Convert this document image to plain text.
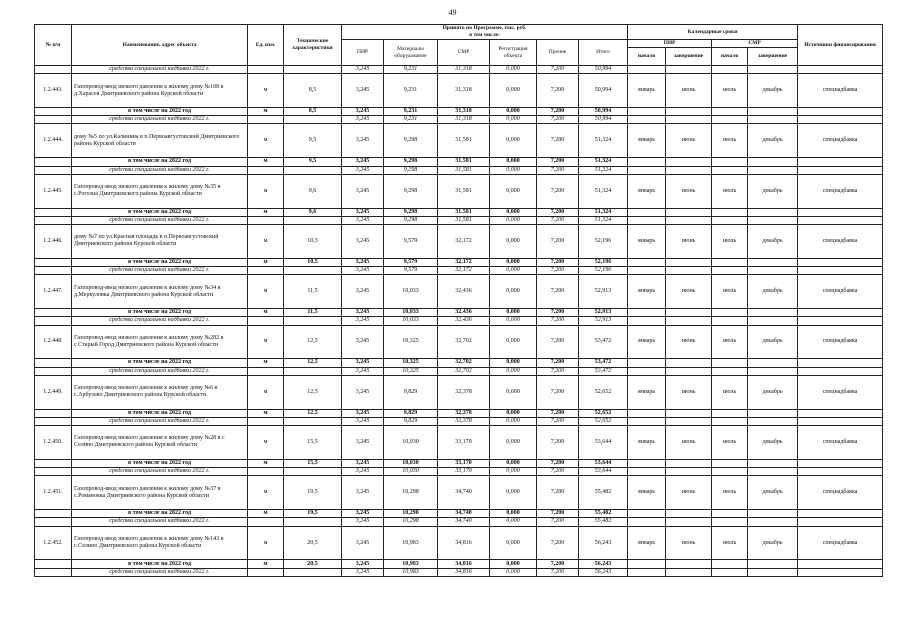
49
№ п/п	Наименование, адрес объекта	Ед. изм.	Технические характеристики	Принято по Программе, тыс. руб.
в том числе:						Календарные сроки				Источники финансирования
				ПИР	Материалы оборудование	СМР	Регистрация объекта	Прочие	Итого	ПИР		СМР		
										начало	завершение	начало	завершение	
	средства специальной надбавки 2022 г.			3,245	9,231	31,318	0,000	7,200	50,994					
1.2.443.	Газопровод-ввод низкого давления к жилому дому №108 в д.Харасея Дмитриевского района Курской области	м	8,5	3,245	9,231	31,318	0,000	7,200	50,994	январь	июнь	июль	декабрь	спецнадбавка
	в том числе на 2022 год	м	8,5	3,245	9,231	31,318	0,000	7,200	50,994					
	средства специальной надбавки 2022 г.			3,245	9,231	31,318	0,000	7,200	50,994					
1.2.444.	дому №5 по ул.Калинина в п.Первоавгустовский Дмитриевского района Курской области	м	9,5	3,245	9,298	31,581	0,000	7,200	51,324	январь	июнь	июль	декабрь	спецнадбавка
	в том числе на 2022 год	м	9,5	3,245	9,298	31,581	0,000	7,200	51,324					
	средства специальной надбавки 2022 г.			3,245	9,298	31,581	0,000	7,200	51,324					
1.2.445.	Газопровод-ввод низкого давления к жилому дому №35 в с.Рогозна Дмитриевского района Курской области	м	9,6	3,245	9,298	31,581	0,000	7,200	51,324	январь	июнь	июль	декабрь	спецнадбавка
	в том числе на 2022 год	м	9,6	3,245	9,298	31,581	0,000	7,200	51,324					
	средства специальной надбавки 2022 г.			3,245	9,298	31,581	0,000	7,200	51,324					
1.2.446.	дому №7 по ул.Красная площадь в п.Первоавгустовский Дмитриевского района Курской области	м	10,5	3,245	9,579	32,172	0,000	7,200	52,196	январь	июнь	июль	декабрь	спецнадбавка
	в том числе на 2022 год	м	10,5	3,245	9,579	32,172	0,000	7,200	52,196					
	средства специальной надбавки 2022 г.			3,245	9,579	32,172	0,000	7,200	52,196					
1.2.447.	Газопровод-ввод низкого давления к жилому дому №34 в д.Меркуловка Дмитриевского района Курской области	м	11,5	3,245	10,033	32,436	0,000	7,200	52,913	январь	июнь	июль	декабрь	спецнадбавка
	в том числе на 2022 год	м	11,5	3,245	10,033	32,436	0,000	7,200	52,913					
	средства специальной надбавки 2022 г.			3,245	10,033	32,436	0,000	7,200	52,913					
1.2.448.	Газопровод-ввод низкого давления к жилому дому №282 в с.Старый Город Дмитриевского района Курской области	м	12,5	3,245	10,325	32,702	0,000	7,200	53,472	январь	июнь	июль	декабрь	спецнадбавка
	в том числе на 2022 год	м	12,5	3,245	10,325	32,702	0,000	7,200	53,472					
	средства специальной надбавки 2022 г.			3,245	10,325	32,702	0,000	7,200	53,472					
1.2.449.	Газопровод-ввод низкого давления к жилому дому №6 в с.Арбузово Дмитриевского района Курской области.	м	12,5	3,245	9,829	32,378	0,000	7,200	52,652	январь	июнь	июль	декабрь	спецнадбавка
	в том числе на 2022 год	м	12,5	3,245	9,829	32,378	0,000	7,200	52,652					
	средства специальной надбавки 2022 г.			3,245	9,829	32,378	0,000	7,200	52,652					
1.2.450.	Газопровод-ввод низкого давления к жилому дому №28 в с Селино Дмитриевского района Курской области	м	15,5	3,245	10,030	33,170	0,000	7,200	53,644	январь	июнь	июль	декабрь	спецнадбавка
	в том числе на 2022 год	м	15,5	3,245	10,030	33,170	0,000	7,200	53,644					
	средства специальной надбавки 2022 г.			3,245	10,030	33,170	0,000	7,200	53,644					
1.2.451.	Газопровод-ввод низкого давления к жилому дому №37 в с.Романовка Дмитриевского района Курской области	м	19,5	3,245	10,298	34,740	0,000	7,200	55,482	январь	июнь	июль	декабрь	спецнадбавка
	в том числе на 2022 год	м	19,5	3,245	10,298	34,740	0,000	7,200	55,482					
	средства специальной надбавки 2022 г.			3,245	10,298	34,740	0,000	7,200	55,482					
1.2.452.	Газопровод-ввод низкого давления к жилому дому №143 в с.Селино Дмитриевского района Курской области	м	20,5	3,245	10,983	34,816	0,000	7,200	56,243	январь	июнь	июль	декабрь	спецнадбавка
	в том числе на 2022 год	м	20,5	3,245	10,983	34,816	0,000	7,200	56,243					
	средства специальной надбавки 2022 г.			3,245	10,983	34,816	0,000	7,200	56,243					
